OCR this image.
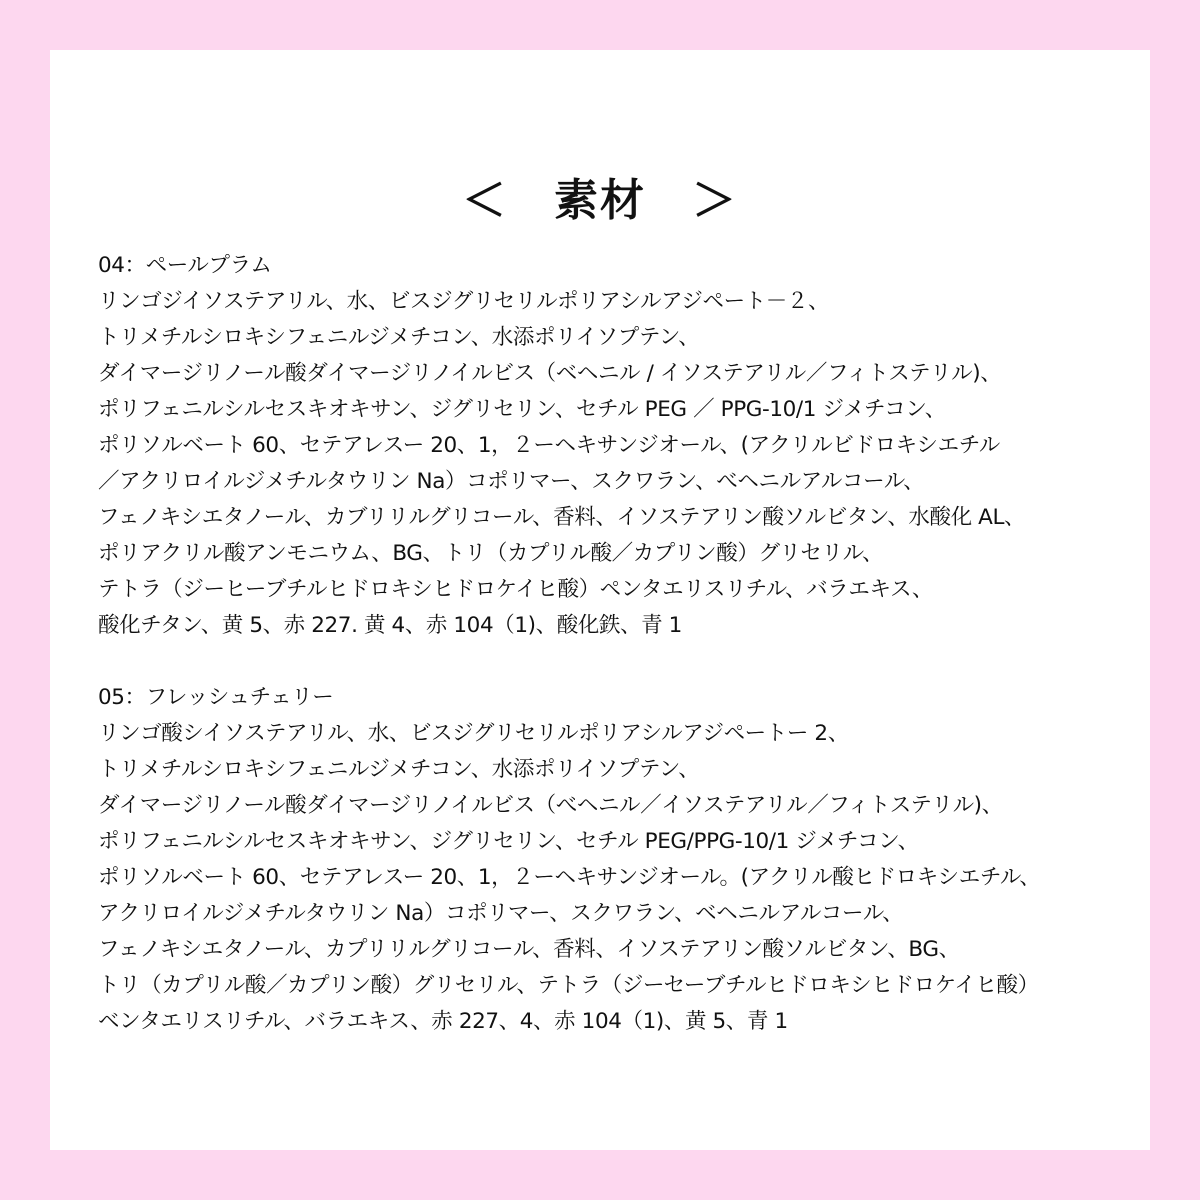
＜　素材　＞
04：ペールプラム
リンゴジイソステアリル、水、ビスジグリセリルポリアシルアジペート－２、
トリメチルシロキシフェニルジメチコン、水添ポリイソプテン、
ダイマージリノール酸ダイマージリノイルビス（ベヘニル / イソステアリル／フィトステリル)、
ポリフェニルシルセスキオキサン、ジグリセリン、セチル PEG ／ PPG-10/1 ジメチコン、
ポリソルベート 60、セテアレスー 20、1，２ーヘキサンジオール、(アクリルビドロキシエチル
／アクリロイルジメチルタウリン Na）コポリマー、スクワラン、べヘニルアルコール、
フェノキシエタノール、カブリリルグリコール、香料、イソステアリン酸ソルビタン、水酸化 AL、
ポリアクリル酸アンモニウム、BG、トリ（カプリル酸／カプリン酸）グリセリル、
テトラ（ジーヒーブチルヒドロキシヒドロケイヒ酸）ペンタエリスリチル、バラエキス、
酸化チタン、黄 5、赤 227. 黄 4、赤 104（1)、酸化鉄、青 1
05：フレッシュチェリー
リンゴ酸シイソステアリル、水、ビスジグリセリルポリアシルアジペートー 2、
トリメチルシロキシフェニルジメチコン、水添ポリイソプテン、
ダイマージリノール酸ダイマージリノイルビス（べヘニル／イソステアリル／フィトステリル)、
ポリフェニルシルセスキオキサン、ジグリセリン、セチル PEG/PPG-10/1 ジメチコン、
ポリソルベート 60、セテアレスー 20、1，２ーヘキサンジオール。(アクリル酸ヒドロキシエチル、
アクリロイルジメチルタウリン Na）コポリマー、スクワラン、ベヘニルアルコール、
フェノキシエタノール、カプリリルグリコール、香料、イソステアリン酸ソルビタン、BG、
トリ（カプリル酸／カプリン酸）グリセリル、テトラ（ジーセーブチルヒドロキシヒドロケイヒ酸）
ベンタエリスリチル、バラエキス、赤 227、4、赤 104（1)、黄 5、青 1
